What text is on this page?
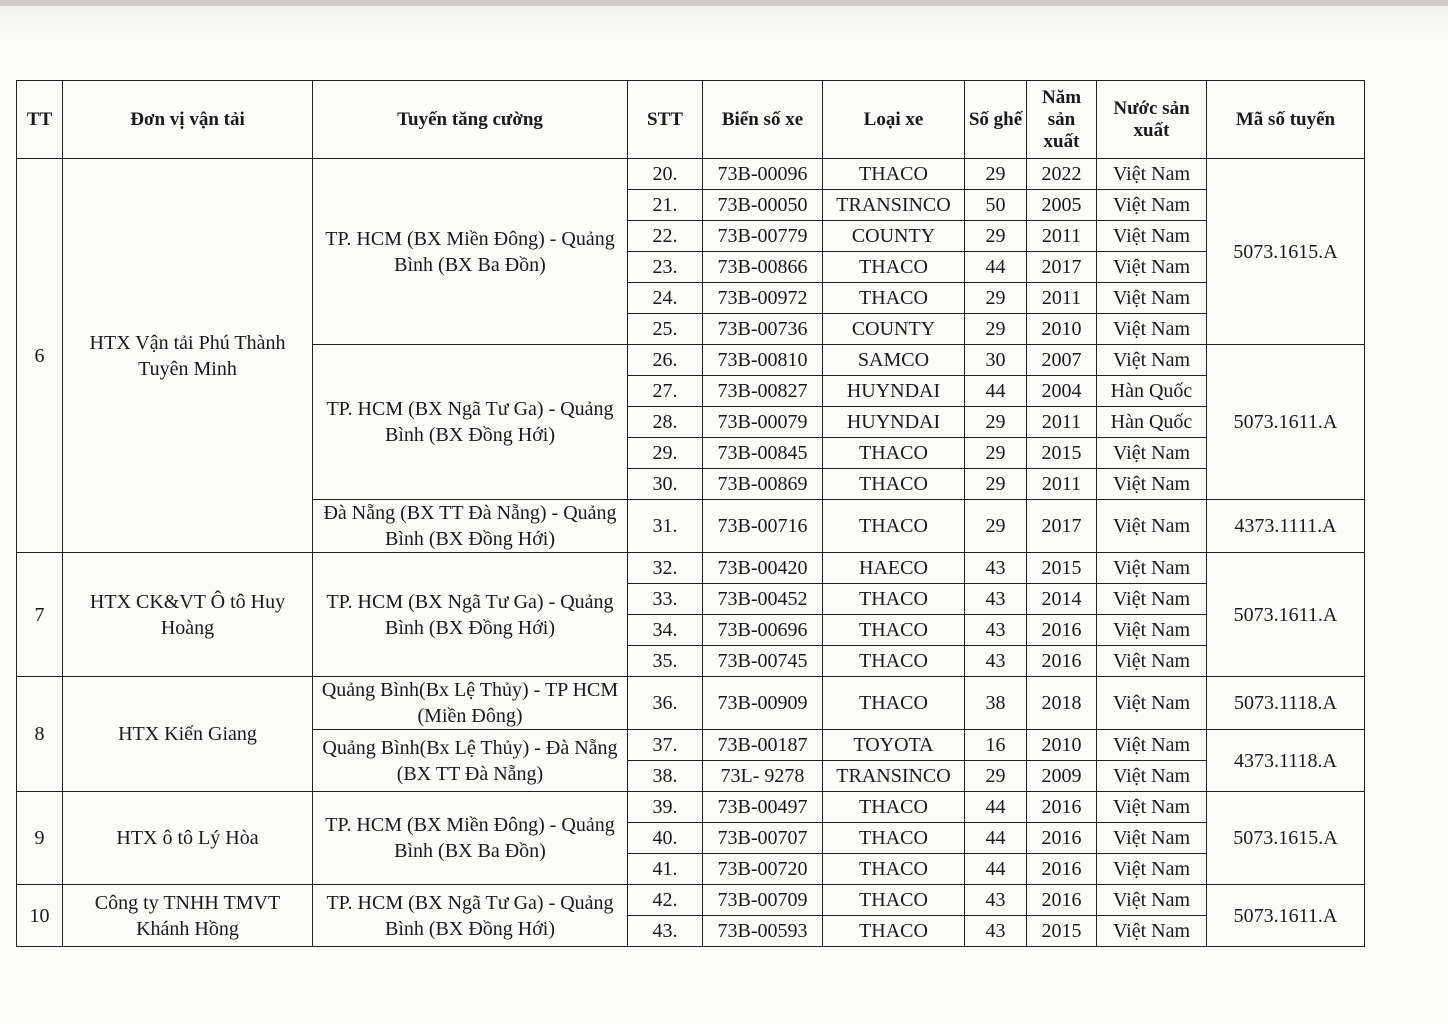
TT	Đơn vị vận tải	Tuyến tăng cường	STT	Biển số xe	Loại xe	Số ghế	Năm sản xuất	Nước sản xuất	Mã số tuyến
6	HTX Vận tải Phú Thành Tuyên Minh	TP. HCM (BX Miền Đông) - Quảng Bình (BX Ba Đồn)	20.	73B-00096	THACO	29	2022	Việt Nam	5073.1615.A
			21.	73B-00050	TRANSINCO	50	2005	Việt Nam	
			22.	73B-00779	COUNTY	29	2011	Việt Nam	
			23.	73B-00866	THACO	44	2017	Việt Nam	
			24.	73B-00972	THACO	29	2011	Việt Nam	
			25.	73B-00736	COUNTY	29	2010	Việt Nam	
		TP. HCM (BX Ngã Tư Ga) - Quảng Bình (BX Đồng Hới)	26.	73B-00810	SAMCO	30	2007	Việt Nam	5073.1611.A
			27.	73B-00827	HUYNDAI	44	2004	Hàn Quốc	
			28.	73B-00079	HUYNDAI	29	2011	Hàn Quốc	
			29.	73B-00845	THACO	29	2015	Việt Nam	
			30.	73B-00869	THACO	29	2011	Việt Nam	
		Đà Nẵng (BX TT Đà Nẵng) - Quảng Bình (BX Đồng Hới)	31.	73B-00716	THACO	29	2017	Việt Nam	4373.1111.A
7	HTX CK&VT Ô tô Huy Hoàng	TP. HCM (BX Ngã Tư Ga) - Quảng Bình (BX Đồng Hới)	32.	73B-00420	HAECO	43	2015	Việt Nam	5073.1611.A
			33.	73B-00452	THACO	43	2014	Việt Nam	
			34.	73B-00696	THACO	43	2016	Việt Nam	
			35.	73B-00745	THACO	43	2016	Việt Nam	
8	HTX Kiến Giang	Quảng Bình(Bx Lệ Thủy) - TP HCM (Miền Đông)	36.	73B-00909	THACO	38	2018	Việt Nam	5073.1118.A
		Quảng Bình(Bx Lệ Thủy) - Đà Nẵng (BX TT Đà Nẵng)	37.	73B-00187	TOYOTA	16	2010	Việt Nam	4373.1118.A
			38.	73L- 9278	TRANSINCO	29	2009	Việt Nam	
9	HTX ô tô Lý Hòa	TP. HCM (BX Miền Đông) - Quảng Bình (BX Ba Đồn)	39.	73B-00497	THACO	44	2016	Việt Nam	5073.1615.A
			40.	73B-00707	THACO	44	2016	Việt Nam	
			41.	73B-00720	THACO	44	2016	Việt Nam	
10	Công ty TNHH TMVT Khánh Hồng	TP. HCM (BX Ngã Tư Ga) - Quảng Bình (BX Đồng Hới)	42.	73B-00709	THACO	43	2016	Việt Nam	5073.1611.A
			43.	73B-00593	THACO	43	2015	Việt Nam	
